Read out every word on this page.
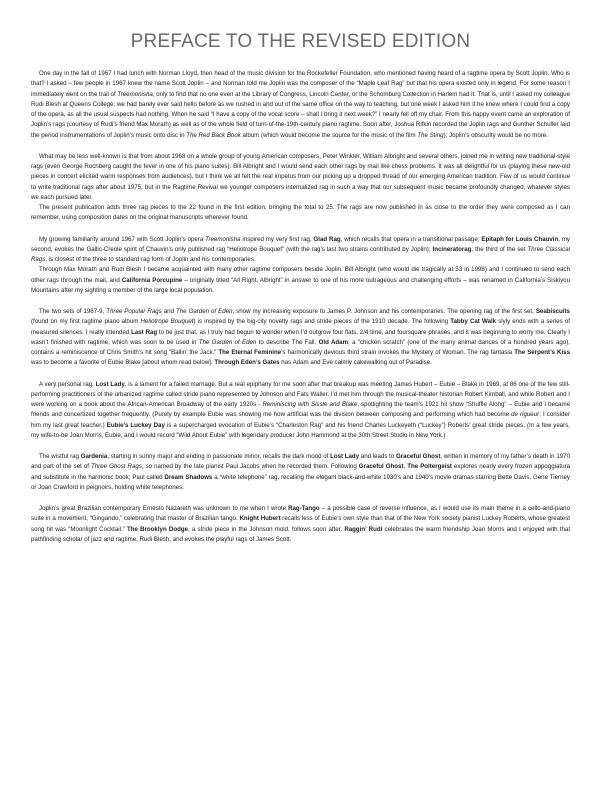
PREFACE TO THE REVISED EDITION

One day in the fall of 1967 I had lunch with Norman Lloyd, then head of the music division for the Rockefeller Foundation, who mentioned having heard of a ragtime opera by Scott Joplin. Who is that? I asked – few people in 1967 knew the name Scott Joplin – and Norman told me Joplin was the composer of the “Maple Leaf Rag” but that his opera existed only in legend. For some reason I immediately went on the trail of Treemonisha, only to find that no one even at the Library of Congress, Lincoln Center, or the Schomburg Collection in Harlem had it. That is, until I asked my colleague Rudi Blesh at Queens College; we had barely ever said hello before as we rushed in and out of the same office on the way to teaching, but one week I asked him if he knew where I could find a copy of the opera, as all the usual suspects had nothing. When he said “I have a copy of the vocal score – shall I bring it next week?” I nearly fell off my chair. From this happy event came an exploration of Joplin’s rags (courtesy of Rudi’s friend Max Morath) as well as of the whole field of turn-of-the-19th-century piano ragtime. Soon after, Joshua Rifkin recorded the Joplin rags and Gunther Schuller laid the period instrumentations of Joplin’s music onto disc in The Red Back Book album (which would become the source for the music of the film The Sting); Joplin’s obscurity would be no more.

What may be less well-known is that from about 1968 on a whole group of young American composers, Peter Winkler, William Albright and several others, joined me in writing new traditional-style rags (even George Rochberg caught the fever in one of his piano suites). Bill Albright and I would send each other rags by mail like chess problems. It was all delightful for us (playing these new-old pieces in concert elicited warm responses from audiences), but I think we all felt the real impetus from our picking up a dropped thread of our emerging American tradition. Few of us would continue to write traditional rags after about 1975, but in the Ragtime Revival we younger composers internalized rag in such a way that our subsequent music became profoundly changed, whatever styles we each pursued later.

The present publication adds three rag pieces to the 22 found in the first edition, bringing the total to 25. The rags are now published in as close to the order they were composed as I can remember, using composition dates on the original manuscripts wherever found.

My growing familiarity around 1967 with Scott Joplin’s opera Treemonisha inspired my very first rag, Glad Rag, which recalls that opera in a transitional passage; Epitaph for Louis Chauvin, my second, evokes the Gallic-Creole spirit of Chauvin’s only published rag “Heliotrope Bouquet” (with the rag’s last two strains contributed by Joplin); Incineratorag, the third of the set Three Classical Rags, is closest of the three to standard rag form of Joplin and his contemporaries.

Through Max Morath and Rudi Blesh I became acquainted with many other ragtime composers beside Joplin. Bill Albright (who would die tragically at 53 in 1998) and I continued to send each other rags through the mail, and California Porcupine – originally titled “All Right, Albright” in answer to one of his more outrageous and challenging efforts – was renamed in California’s Siskiyou Mountains after my sighting a member of the large local population.

The two sets of 1967-9, Three Popular Rags and The Garden of Eden, show my increasing exposure to James P. Johnson and his contemporaries. The opening rag of the first set, Seabiscuits (found on my first ragtime piano album Heliotrope Bouquet) is inspired by the big-city novelty rags and stride pieces of the 1910 decade. The following Tabby Cat Walk slyly ends with a series of measured silences. I really intended Last Rag to be just that, as I truly had begun to wonder when I’d outgrow four flats, 2/4 time, and foursquare phrases, and it was beginning to worry me. Clearly I wasn’t finished with ragtime, which was soon to be used in The Garden of Eden to describe The Fall. Old Adam, a “chicken scratch” (one of the many animal dances of a hundred years ago), contains a reminiscence of Chris Smith’s hit song “Ballin’ the Jack.” The Eternal Feminine’s harmonically devious third strain invokes the Mystery of Woman. The rag fantasia The Serpent’s Kiss was to become a favorite of Eubie Blake [about whom read below]. Through Eden’s Gates has Adam and Eve calmly cakewalking out of Paradise.

A very personal rag, Lost Lady, is a lament for a failed marriage. But a real epiphany for me soon after that breakup was meeting James Hubert – Eubie – Blake in 1969, at 86 one of the few still-performing practitioners of the urbanized ragtime called stride piano represented by Johnson and Fats Waller. I’d met him through the musical-theater historian Robert Kimball, and while Robert and I were working on a book about the African-American Broadway of the early 1920s - Reminiscing with Sissle and Blake, spotlighting the team’s 1921 hit show “Shuffle Along” – Eubie and I became friends and concertized together frequently. (Purely by example Eubie was showing me how artificial was the division between composing and performing which had become de rigueur; I consider him my last great teacher.) Eubie’s Luckey Day is a supercharged evocation of Eubie’s “Charleston Rag” and his friend Charles Luckeyeth (“Luckey”) Roberts’ great stride pieces. (In a few years, my wife-to-be Joan Morris, Eubie, and I would record “Wild About Eubie” with legendary producer John Hammond at the 30th Street Studio in New York.)

The wistful rag Gardenia, starting in sunny major and ending in passionate minor, recalls the dark mood of Lost Lady and leads to Graceful Ghost, written in memory of my father’s death in 1970 and part of the set of Three Ghost Rags, so named by the late pianist Paul Jacobs when he recorded them. Following Graceful Ghost, The Poltergeist explores nearly every frozen appoggiatura and substitute in the harmonic book; Paul called Dream Shadows a “white telephone” rag, recalling the elegant black-and-white 1930’s and 1940’s movie dramas starring Bette Davis, Gene Tierney or Joan Crawford in peignoirs, holding white telephones.

Joplin’s great Brazilian contemporary Ernesto Nazareth was unknown to me when I wrote Rag-Tango – a possible case of reverse influence, as I would use its main theme in a cello-and-piano suite in a movement, “Gingando,” celebrating that master of Brazilian tango. Knight Hubert recalls less of Eubie’s own style than that of the New York society pianist Luckey Roberts, whose greatest song hit was “Moonlight Cocktail.” The Brooklyn Dodge, a stride piece in the Johnson mold, follows soon after. Raggin’ Rudi celebrates the warm friendship Joan Morris and I enjoyed with that pathfinding scholar of jazz and ragtime, Rudi Blesh, and evokes the playful rags of James Scott.
